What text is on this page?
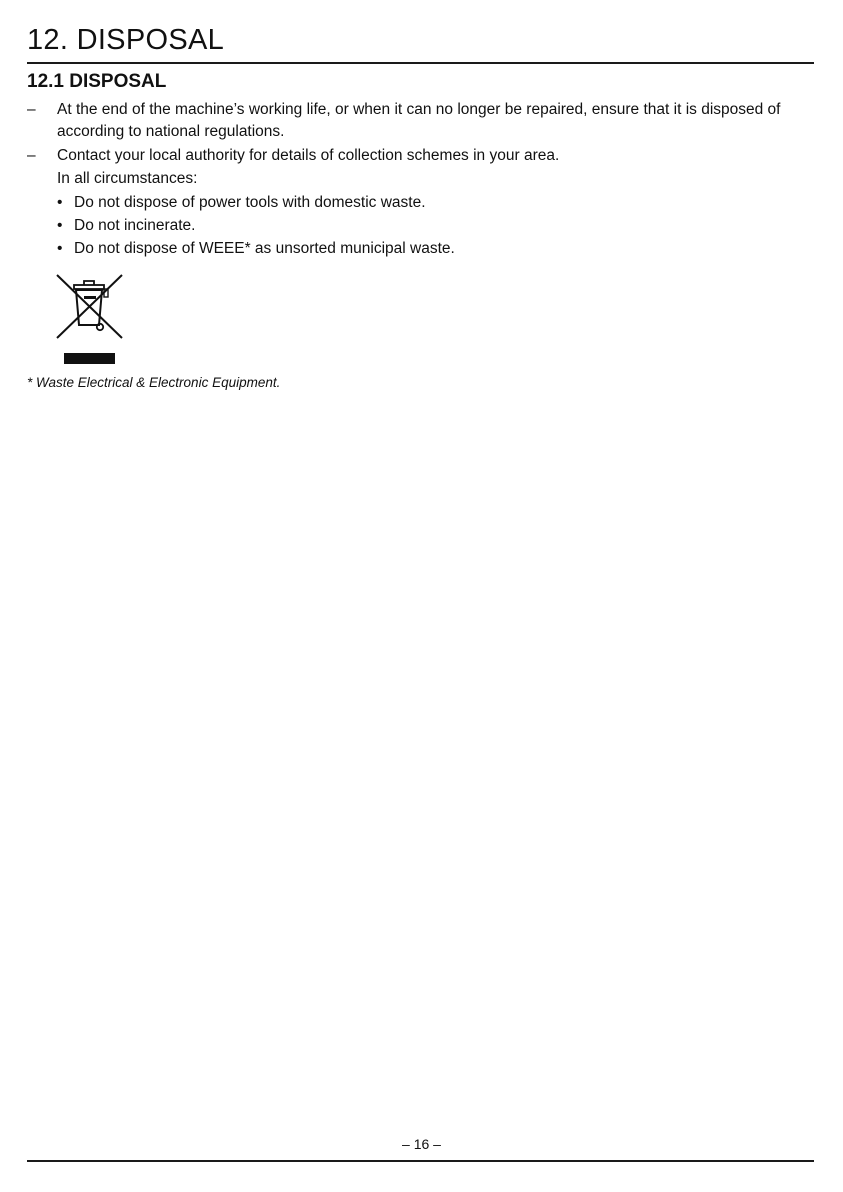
12. DISPOSAL
12.1 DISPOSAL
– At the end of the machine’s working life, or when it can no longer be repaired, ensure that it is disposed of according to national regulations.
– Contact your local authority for details of collection schemes in your area.
In all circumstances:
• Do not dispose of power tools with domestic waste.
• Do not incinerate.
• Do not dispose of WEEE* as unsorted municipal waste.
* Waste Electrical & Electronic Equipment.
– 16 –
